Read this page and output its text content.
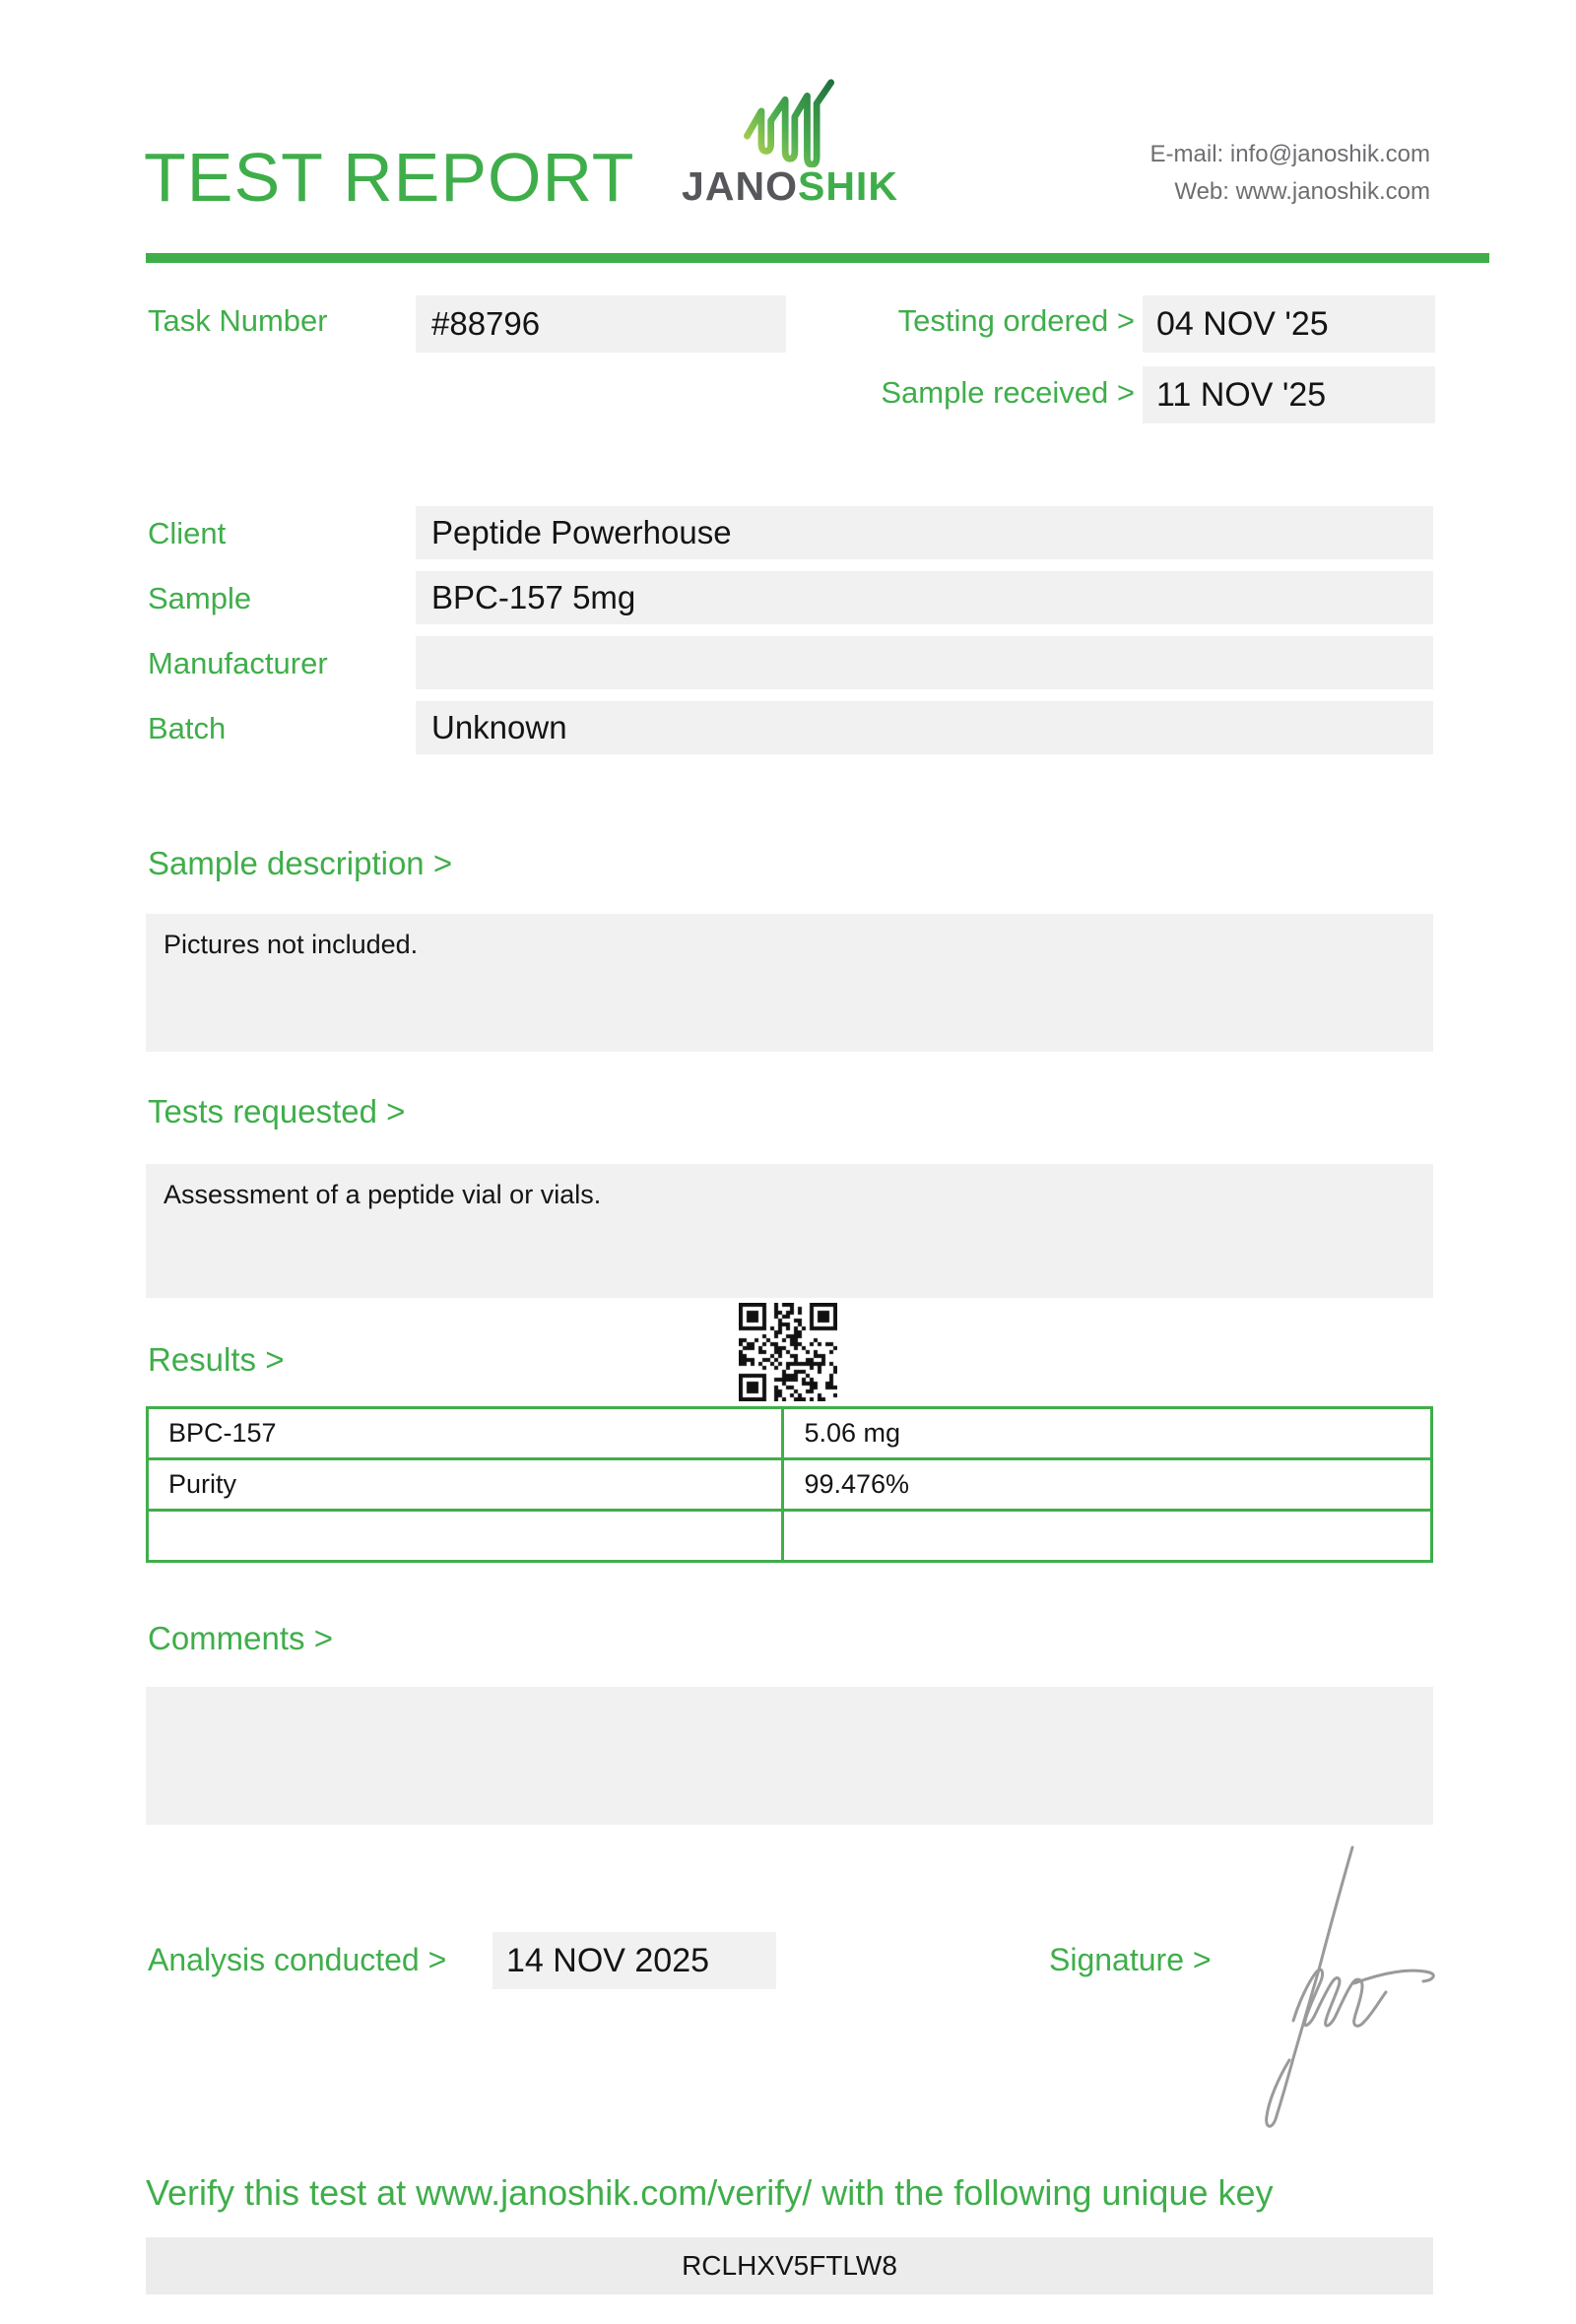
TEST REPORT JANOSHIK
E-mail: info@janoshik.com
Web: www.janoshik.com
Task Number	#88796	Testing ordered > 04 NOV '25
Sample received > 11 NOV '25
Client	Peptide Powerhouse
Sample	BPC-157 5mg
Manufacturer
Batch	Unknown
Sample description >
Pictures not included.
Tests requested >
Assessment of a peptide vial or vials.
Results >
BPC-157	5.06 mg
Purity	99.476%

Comments >
Analysis conducted >	14 NOV 2025	Signature >
Verify this test at www.janoshik.com/verify/ with the following unique key
RCLHXV5FTLW8
